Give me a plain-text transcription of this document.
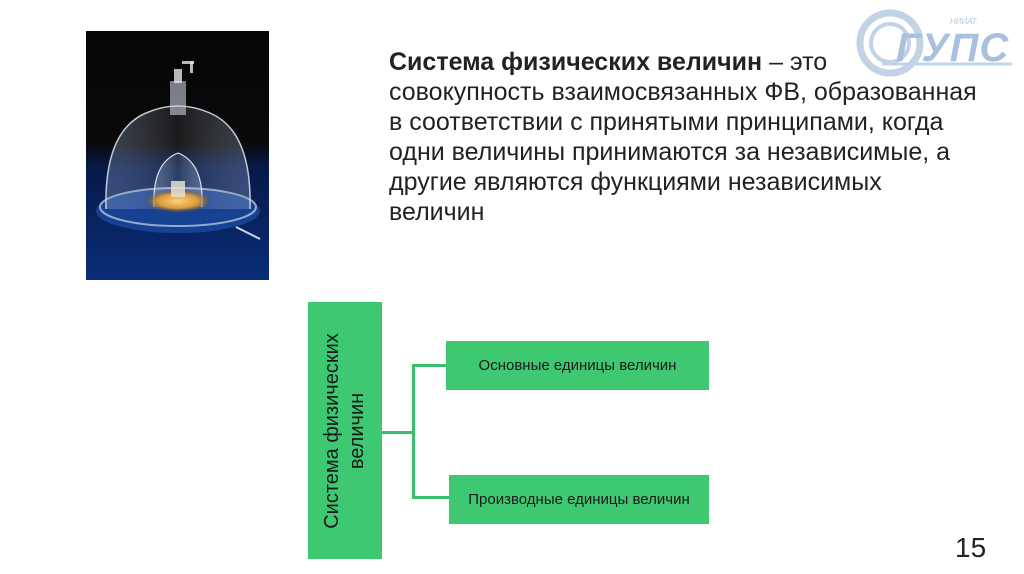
НИИАТ
ГУПС
Система физических величин – это совокупность взаимосвязанных ФВ, образованная в соответствии с принятыми принципами, когда одни величины принимаются за независимые, а другие являются функциями независимых величин
Система физических величин
Основные единицы величин
Производные единицы величин
15
